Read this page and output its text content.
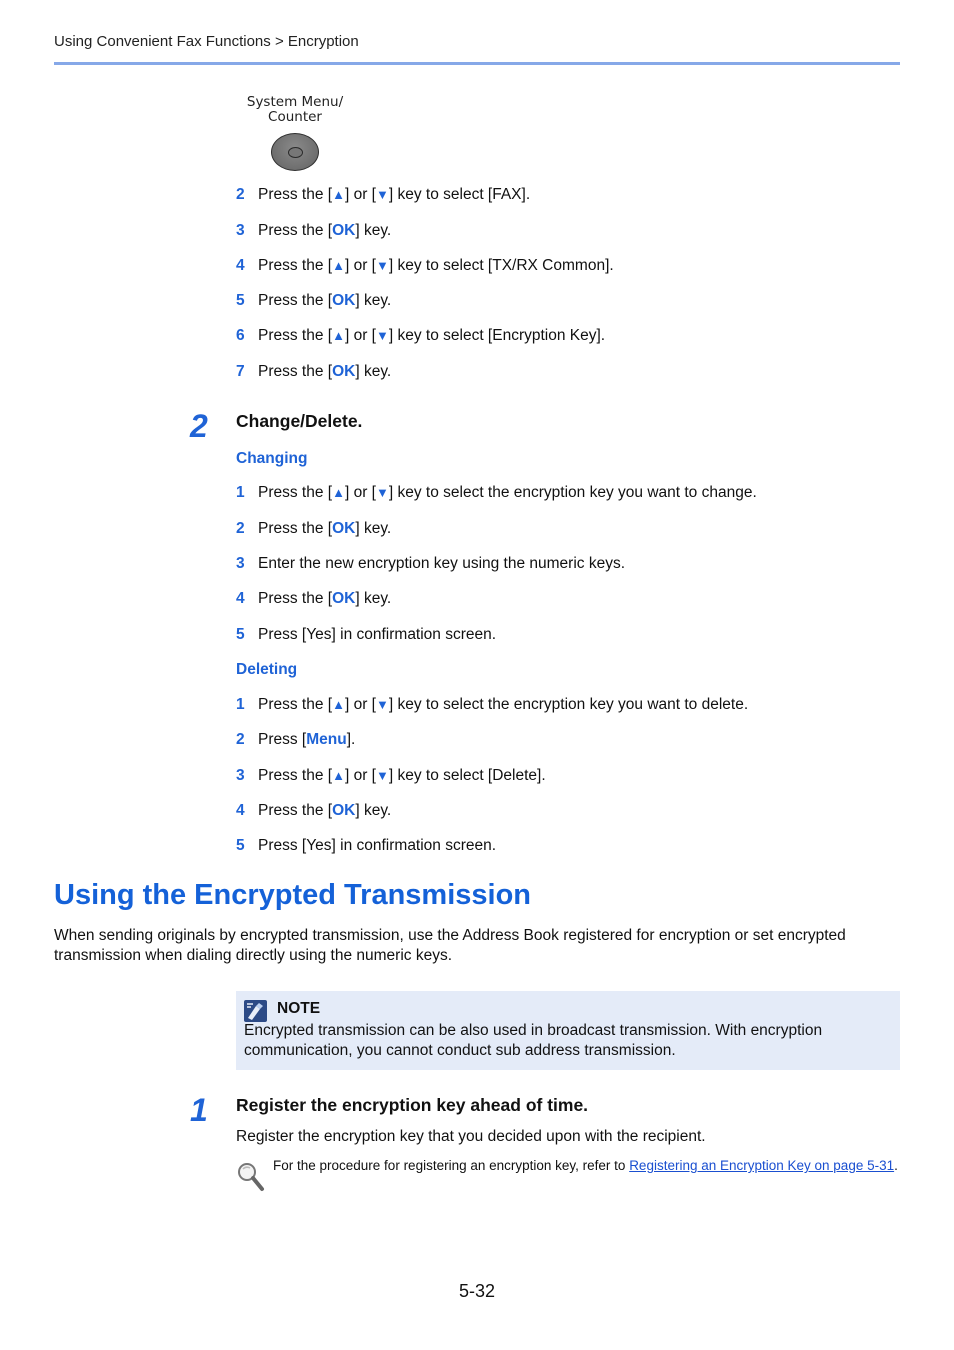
Using Convenient Fax Functions > Encryption
System Menu/
Counter
2 Press the [▲] or [▼] key to select [FAX].
3 Press the [OK] key.
4 Press the [▲] or [▼] key to select [TX/RX Common].
5 Press the [OK] key.
6 Press the [▲] or [▼] key to select [Encryption Key].
7 Press the [OK] key.
2 Change/Delete.
Changing
1 Press the [▲] or [▼] key to select the encryption key you want to change.
2 Press the [OK] key.
3 Enter the new encryption key using the numeric keys.
4 Press the [OK] key.
5 Press [Yes] in confirmation screen.
Deleting
1 Press the [▲] or [▼] key to select the encryption key you want to delete.
2 Press [Menu].
3 Press the [▲] or [▼] key to select [Delete].
4 Press the [OK] key.
5 Press [Yes] in confirmation screen.
Using the Encrypted Transmission
When sending originals by encrypted transmission, use the Address Book registered for encryption or set encrypted transmission when dialing directly using the numeric keys.
NOTE
Encrypted transmission can be also used in broadcast transmission. With encryption communication, you cannot conduct sub address transmission.
1 Register the encryption key ahead of time.
Register the encryption key that you decided upon with the recipient.
For the procedure for registering an encryption key, refer to Registering an Encryption Key on page 5-31.
5-32
